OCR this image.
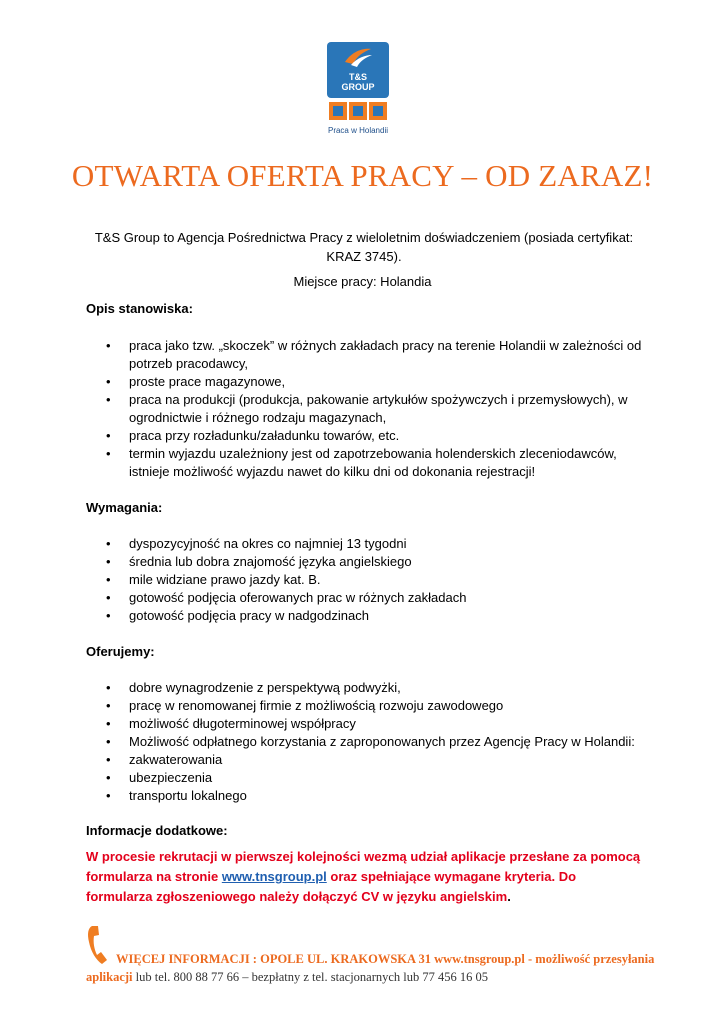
T&S
GROUP
Praca w Holandii
OTWARTA OFERTA PRACY – OD ZARAZ!
T&S Group to Agencja Pośrednictwa Pracy z wieloletnim doświadczeniem (posiada certyfikat: KRAZ 3745).
Miejsce pracy: Holandia
Opis stanowiska:
• praca jako tzw. „skoczek” w różnych zakładach pracy na terenie Holandii w zależności od potrzeb pracodawcy,
• proste prace magazynowe,
• praca na produkcji (produkcja, pakowanie artykułów spożywczych i przemysłowych), w ogrodnictwie i różnego rodzaju magazynach,
• praca przy rozładunku/załadunku towarów, etc.
• termin wyjazdu uzależniony jest od zapotrzebowania holenderskich zleceniodawców, istnieje możliwość wyjazdu nawet do kilku dni od dokonania rejestracji!
Wymagania:
• dyspozycyjność na okres co najmniej 13 tygodni
• średnia lub dobra znajomość języka angielskiego
• mile widziane prawo jazdy kat. B.
• gotowość podjęcia oferowanych prac w różnych zakładach
• gotowość podjęcia pracy w nadgodzinach
Oferujemy:
• dobre wynagrodzenie z perspektywą podwyżki,
• pracę w renomowanej firmie z możliwością rozwoju zawodowego
• możliwość długoterminowej współpracy
• Możliwość odpłatnego korzystania z zaproponowanych przez Agencję Pracy w Holandii:
• zakwaterowania
• ubezpieczenia
• transportu lokalnego
Informacje dodatkowe:
W procesie rekrutacji w pierwszej kolejności wezmą udział aplikacje przesłane za pomocą formularza na stronie www.tnsgroup.pl oraz spełniające wymagane kryteria. Do formularza zgłoszeniowego należy dołączyć CV w języku angielskim.
WIĘCEJ INFORMACJI : OPOLE UL. KRAKOWSKA 31 www.tnsgroup.pl - możliwość przesyłania
aplikacji lub tel. 800 88 77 66 – bezpłatny z tel. stacjonarnych lub 77 456 16 05
